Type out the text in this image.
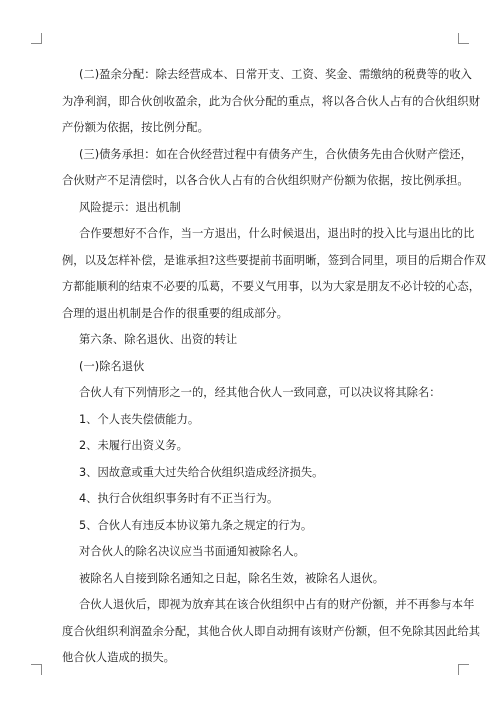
(二)盈余分配：除去经营成本、日常开支、工资、奖金、需缴纳的税费等的收入

为净利润，即合伙创收盈余，此为合伙分配的重点，将以各合伙人占有的合伙组织财

产份额为依据，按比例分配。

(三)债务承担：如在合伙经营过程中有债务产生，合伙债务先由合伙财产偿还，

合伙财产不足清偿时，以各合伙人占有的合伙组织财产份额为依据，按比例承担。

风险提示：退出机制

合作要想好不合作，当一方退出，什么时候退出，退出时的投入比与退出比的比

例，以及怎样补偿，是谁承担?这些要提前书面明晰，签到合同里，项目的后期合作双

方都能顺利的结束不必要的瓜葛，不要义气用事，以为大家是朋友不必计较的心态，

合理的退出机制是合作的很重要的组成部分。

第六条、除名退伙、出资的转让

(一)除名退伙

合伙人有下列情形之一的，经其他合伙人一致同意，可以决议将其除名：

1、个人丧失偿债能力。

2、未履行出资义务。

3、因故意或重大过失给合伙组织造成经济损失。

4、执行合伙组织事务时有不正当行为。

5、合伙人有违反本协议第九条之规定的行为。

对合伙人的除名决议应当书面通知被除名人。

被除名人自接到除名通知之日起，除名生效，被除名人退伙。

合伙人退伙后，即视为放弃其在该合伙组织中占有的财产份额，并不再参与本年

度合伙组织利润盈余分配，其他合伙人即自动拥有该财产份额，但不免除其因此给其

他合伙人造成的损失。
